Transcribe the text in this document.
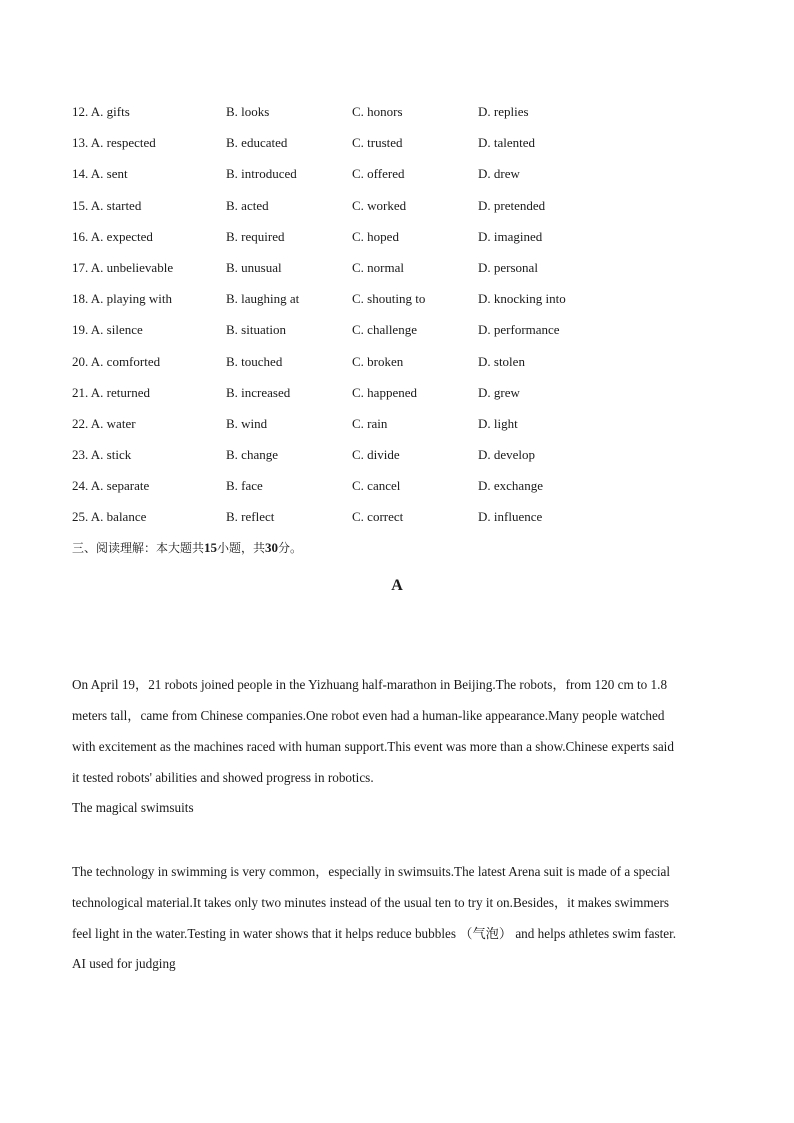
12. A. gifts	B. looks	C. honors	D. replies
13. A. respected	B. educated	C. trusted	D. talented
14. A. sent	B. introduced	C. offered	D. drew
15. A. started	B. acted	C. worked	D. pretended
16. A. expected	B. required	C. hoped	D. imagined
17. A. unbelievable	B. unusual	C. normal	D. personal
18. A. playing with	B. laughing at	C. shouting to	D. knocking into
19. A. silence	B. situation	C. challenge	D. performance
20. A. comforted	B. touched	C. broken	D. stolen
21. A. returned	B. increased	C. happened	D. grew
22. A. water	B. wind	C. rain	D. light
23. A. stick	B. change	C. divide	D. develop
24. A. separate	B. face	C. cancel	D. exchange
25. A. balance	B. reflect	C. correct	D. influence
三、阅读理解：本大题共15小题，共30分。
A

On April 19，21 robots joined people in the Yizhuang half-marathon in Beijing.The robots，from 120 cm to 1.8

meters tall，came from Chinese companies.One robot even had a human-like appearance.Many people watched

with excitement as the machines raced with human support.This event was more than a show.Chinese experts said

it tested robots' abilities and showed progress in robotics.

The magical swimsuits

The technology in swimming is very common，especially in swimsuits.The latest Arena suit is made of a special

technological material.It takes only two minutes instead of the usual ten to try it on.Besides，it makes swimmers

feel light in the water.Testing in water shows that it helps reduce bubbles （气泡） and helps athletes swim faster.

AI used for judging
